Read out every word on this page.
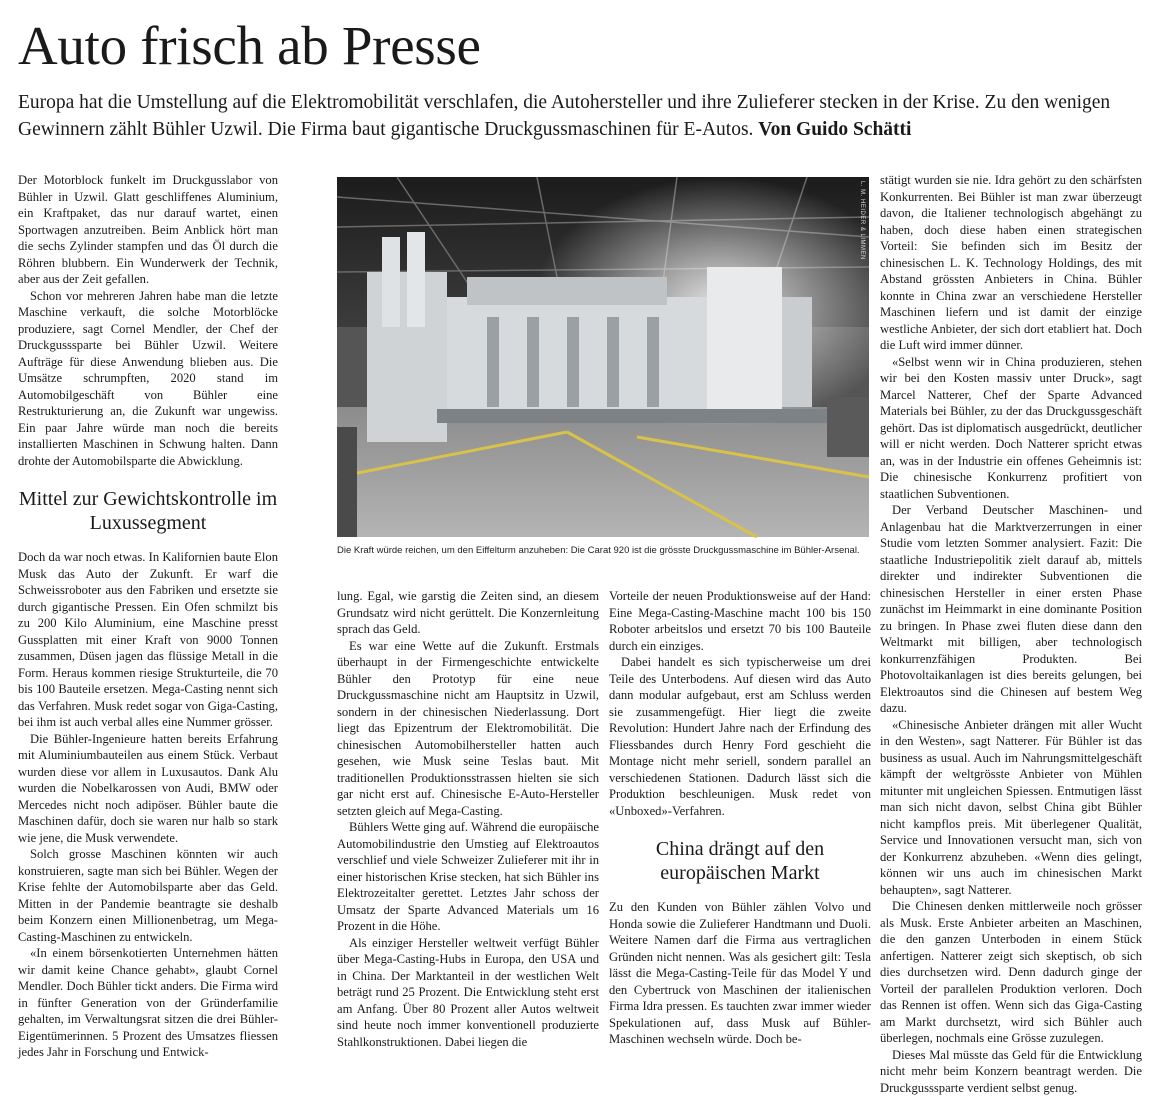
Auto frisch ab Presse

Europa hat die Umstellung auf die Elektromobilität verschlafen, die Autohersteller und ihre Zulieferer stecken in der Krise. Zu den wenigen Gewinnern zählt Bühler Uzwil. Die Firma baut gigantische Druckgussmaschinen für E-Autos. Von Guido Schätti

Der Motorblock funkelt im Druckgusslabor von Bühler in Uzwil. Glatt geschliffenes Aluminium, ein Kraftpaket, das nur darauf wartet, einen Sportwagen anzutreiben. Beim Anblick hört man die sechs Zylinder stampfen und das Öl durch die Röhren blubbern. Ein Wunderwerk der Technik, aber aus der Zeit gefallen.

Schon vor mehreren Jahren habe man die letzte Maschine verkauft, die solche Motorblöcke produziere, sagt Cornel Mendler, der Chef der Druckgusssparte bei Bühler Uzwil. Weitere Aufträge für diese Anwendung blieben aus. Die Umsätze schrumpften, 2020 stand im Automobilgeschäft von Bühler eine Restrukturierung an, die Zukunft war ungewiss. Ein paar Jahre würde man noch die bereits installierten Maschinen in Schwung halten. Dann drohte der Automobilsparte die Abwicklung.

Mittel zur Gewichtskontrolle im Luxussegment

Doch da war noch etwas. In Kalifornien baute Elon Musk das Auto der Zukunft. Er warf die Schweissroboter aus den Fabriken und ersetzte sie durch gigantische Pressen. Ein Ofen schmilzt bis zu 200 Kilo Aluminium, eine Maschine presst Gussplatten mit einer Kraft von 9000 Tonnen zusammen, Düsen jagen das flüssige Metall in die Form. Heraus kommen riesige Strukturteile, die 70 bis 100 Bauteile ersetzen. Mega-Casting nennt sich das Verfahren. Musk redet sogar von Giga-Casting, bei ihm ist auch verbal alles eine Nummer grösser.

Die Bühler-Ingenieure hatten bereits Erfahrung mit Aluminiumbauteilen aus einem Stück. Verbaut wurden diese vor allem in Luxusautos. Dank Alu wurden die Nobelkarossen von Audi, BMW oder Mercedes nicht noch adipöser. Bühler baute die Maschinen dafür, doch sie waren nur halb so stark wie jene, die Musk verwendete.

Solch grosse Maschinen könnten wir auch konstruieren, sagte man sich bei Bühler. Wegen der Krise fehlte der Automobilsparte aber das Geld. Mitten in der Pandemie beantragte sie deshalb beim Konzern einen Millionenbetrag, um Mega-Casting-Maschinen zu entwickeln.

«In einem börsenkotierten Unternehmen hätten wir damit keine Chance gehabt», glaubt Cornel Mendler. Doch Bühler tickt anders. Die Firma wird in fünfter Generation von der Gründerfamilie gehalten, im Verwaltungsrat sitzen die drei Bühler-Eigentümerinnen. 5 Prozent des Umsatzes fliessen jedes Jahr in Forschung und Entwick-

L. M. HEIDER & LIMMEN
Die Kraft würde reichen, um den Eiffelturm anzuheben: Die Carat 920 ist die grösste Druckgussmaschine im Bühler-Arsenal.

lung. Egal, wie garstig die Zeiten sind, an diesem Grundsatz wird nicht gerüttelt. Die Konzernleitung sprach das Geld.

Es war eine Wette auf die Zukunft. Erstmals überhaupt in der Firmengeschichte entwickelte Bühler den Prototyp für eine neue Druckgussmaschine nicht am Hauptsitz in Uzwil, sondern in der chinesischen Niederlassung. Dort liegt das Epizentrum der Elektromobilität. Die chinesischen Automobilhersteller hatten auch gesehen, wie Musk seine Teslas baut. Mit traditionellen Produktionsstrassen hielten sie sich gar nicht erst auf. Chinesische E-Auto-Hersteller setzten gleich auf Mega-Casting.

Bühlers Wette ging auf. Während die europäische Automobilindustrie den Umstieg auf Elektroautos verschlief und viele Schweizer Zulieferer mit ihr in einer historischen Krise stecken, hat sich Bühler ins Elektrozeitalter gerettet. Letztes Jahr schoss der Umsatz der Sparte Advanced Materials um 16 Prozent in die Höhe.

Als einziger Hersteller weltweit verfügt Bühler über Mega-Casting-Hubs in Europa, den USA und in China. Der Marktanteil in der westlichen Welt beträgt rund 25 Prozent. Die Entwicklung steht erst am Anfang. Über 80 Prozent aller Autos weltweit sind heute noch immer konventionell produzierte Stahlkonstruktionen. Dabei liegen die

Vorteile der neuen Produktionsweise auf der Hand: Eine Mega-Casting-Maschine macht 100 bis 150 Roboter arbeitslos und ersetzt 70 bis 100 Bauteile durch ein einziges.

Dabei handelt es sich typischerweise um drei Teile des Unterbodens. Auf diesen wird das Auto dann modular aufgebaut, erst am Schluss werden sie zusammengefügt. Hier liegt die zweite Revolution: Hundert Jahre nach der Erfindung des Fliessbandes durch Henry Ford geschieht die Montage nicht mehr seriell, sondern parallel an verschiedenen Stationen. Dadurch lässt sich die Produktion beschleunigen. Musk redet von «Unboxed»-Verfahren.

China drängt auf den europäischen Markt

Zu den Kunden von Bühler zählen Volvo und Honda sowie die Zulieferer Handtmann und Duoli. Weitere Namen darf die Firma aus vertraglichen Gründen nicht nennen. Was als gesichert gilt: Tesla lässt die Mega-Casting-Teile für das Model Y und den Cybertruck von Maschinen der italienischen Firma Idra pressen. Es tauchten zwar immer wieder Spekulationen auf, dass Musk auf Bühler-Maschinen wechseln würde. Doch be-

stätigt wurden sie nie. Idra gehört zu den schärfsten Konkurrenten. Bei Bühler ist man zwar überzeugt davon, die Italiener technologisch abgehängt zu haben, doch diese haben einen strategischen Vorteil: Sie befinden sich im Besitz der chinesischen L. K. Technology Holdings, des mit Abstand grössten Anbieters in China. Bühler konnte in China zwar an verschiedene Hersteller Maschinen liefern und ist damit der einzige westliche Anbieter, der sich dort etabliert hat. Doch die Luft wird immer dünner.

«Selbst wenn wir in China produzieren, stehen wir bei den Kosten massiv unter Druck», sagt Marcel Natterer, Chef der Sparte Advanced Materials bei Bühler, zu der das Druckgussgeschäft gehört. Das ist diplomatisch ausgedrückt, deutlicher will er nicht werden. Doch Natterer spricht etwas an, was in der Industrie ein offenes Geheimnis ist: Die chinesische Konkurrenz profitiert von staatlichen Subventionen.

Der Verband Deutscher Maschinen- und Anlagenbau hat die Marktverzerrungen in einer Studie vom letzten Sommer analysiert. Fazit: Die staatliche Industriepolitik zielt darauf ab, mittels direkter und indirekter Subventionen die chinesischen Hersteller in einer ersten Phase zunächst im Heimmarkt in eine dominante Position zu bringen. In Phase zwei fluten diese dann den Weltmarkt mit billigen, aber technologisch konkurrenzfähigen Produkten. Bei Photovoltaikanlagen ist dies bereits gelungen, bei Elektroautos sind die Chinesen auf bestem Weg dazu.

«Chinesische Anbieter drängen mit aller Wucht in den Westen», sagt Natterer. Für Bühler ist das business as usual. Auch im Nahrungsmittelgeschäft kämpft der weltgrösste Anbieter von Mühlen mitunter mit ungleichen Spiessen. Entmutigen lässt man sich nicht davon, selbst China gibt Bühler nicht kampflos preis. Mit überlegener Qualität, Service und Innovationen versucht man, sich von der Konkurrenz abzuheben. «Wenn dies gelingt, können wir uns auch im chinesischen Markt behaupten», sagt Natterer.

Die Chinesen denken mittlerweile noch grösser als Musk. Erste Anbieter arbeiten an Maschinen, die den ganzen Unterboden in einem Stück anfertigen. Natterer zeigt sich skeptisch, ob sich dies durchsetzen wird. Denn dadurch ginge der Vorteil der parallelen Produktion verloren. Doch das Rennen ist offen. Wenn sich das Giga-Casting am Markt durchsetzt, wird sich Bühler auch überlegen, nochmals eine Grösse zuzulegen.

Dieses Mal müsste das Geld für die Entwicklung nicht mehr beim Konzern beantragt werden. Die Druckgusssparte verdient selbst genug.
